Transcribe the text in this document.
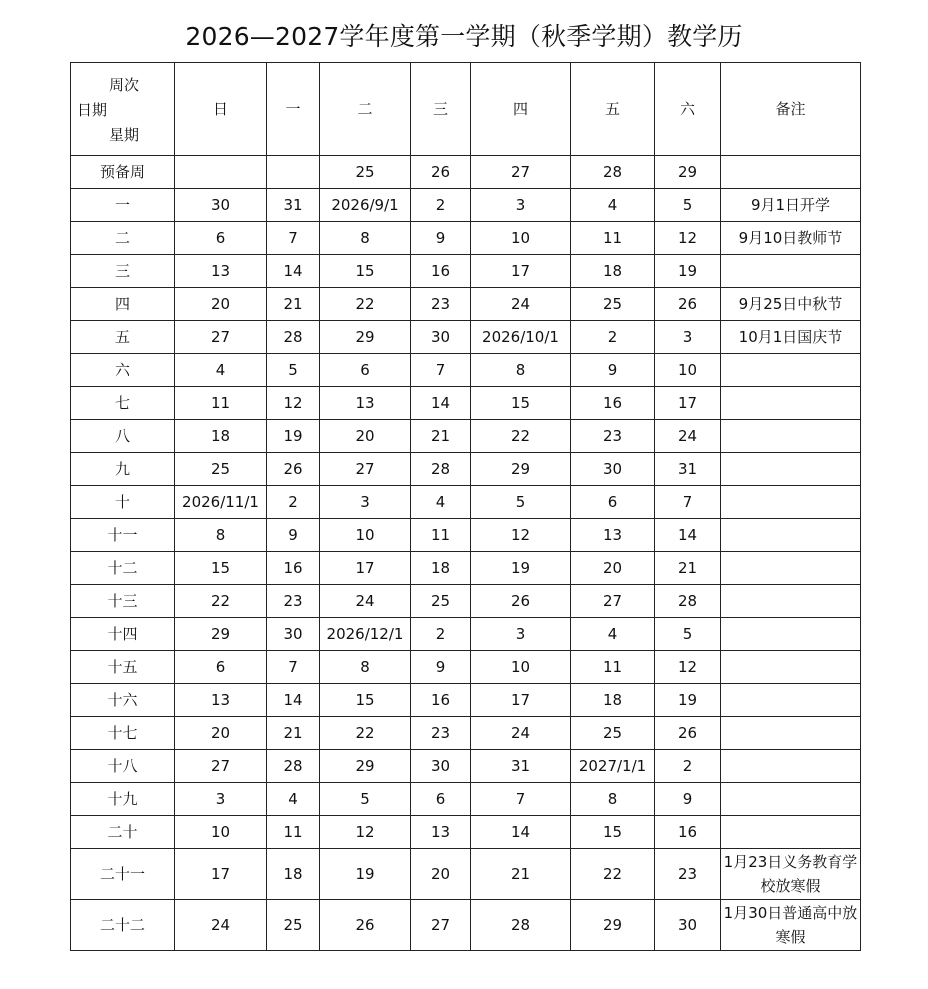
2026—2027学年度第一学期（秋季学期）教学历
周次
日期
星期	日	一	二	三	四	五	六	备注
预备周			25	26	27	28	29	
一	30	31	2026/9/1	2	3	4	5	9月1日开学
二	6	7	8	9	10	11	12	9月10日教师节
三	13	14	15	16	17	18	19	
四	20	21	22	23	24	25	26	9月25日中秋节
五	27	28	29	30	2026/10/1	2	3	10月1日国庆节
六	4	5	6	7	8	9	10	
七	11	12	13	14	15	16	17	
八	18	19	20	21	22	23	24	
九	25	26	27	28	29	30	31	
十	2026/11/1	2	3	4	5	6	7	
十一	8	9	10	11	12	13	14	
十二	15	16	17	18	19	20	21	
十三	22	23	24	25	26	27	28	
十四	29	30	2026/12/1	2	3	4	5	
十五	6	7	8	9	10	11	12	
十六	13	14	15	16	17	18	19	
十七	20	21	22	23	24	25	26	
十八	27	28	29	30	31	2027/1/1	2	
十九	3	4	5	6	7	8	9	
二十	10	11	12	13	14	15	16	
二十一	17	18	19	20	21	22	23	1月23日义务教育学校放寒假
二十二	24	25	26	27	28	29	30	1月30日普通高中放寒假
